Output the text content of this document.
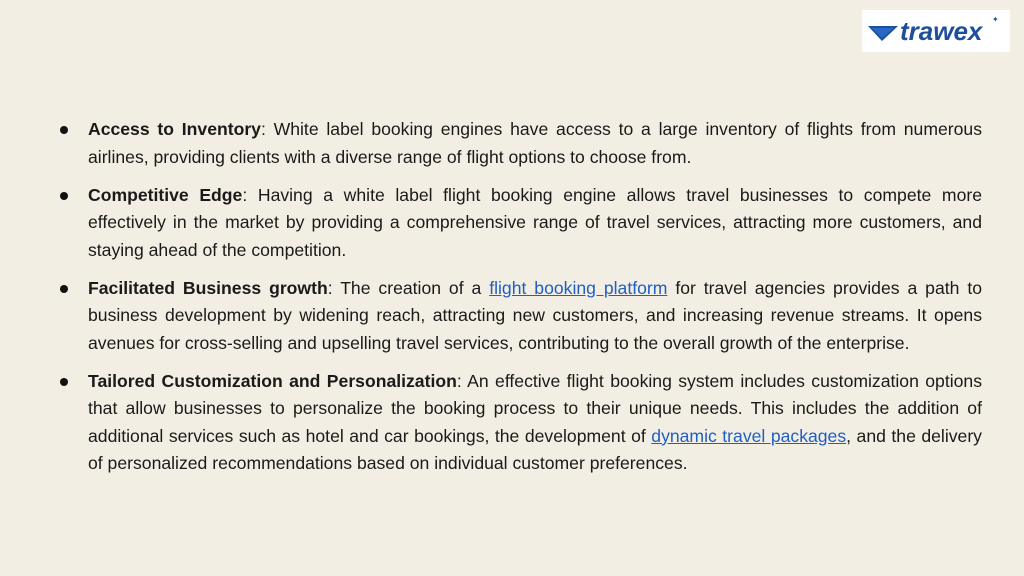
trawex ✦
Access to Inventory: White label booking engines have access to a large inventory of flights from numerous airlines, providing clients with a diverse range of flight options to choose from.
Competitive Edge: Having a white label flight booking engine allows travel businesses to compete more effectively in the market by providing a comprehensive range of travel services, attracting more customers, and staying ahead of the competition.
Facilitated Business growth: The creation of a flight booking platform for travel agencies provides a path to business development by widening reach, attracting new customers, and increasing revenue streams. It opens avenues for cross-selling and upselling travel services, contributing to the overall growth of the enterprise.
Tailored Customization and Personalization: An effective flight booking system includes customization options that allow businesses to personalize the booking process to their unique needs. This includes the addition of additional services such as hotel and car bookings, the development of dynamic travel packages, and the delivery of personalized recommendations based on individual customer preferences.
